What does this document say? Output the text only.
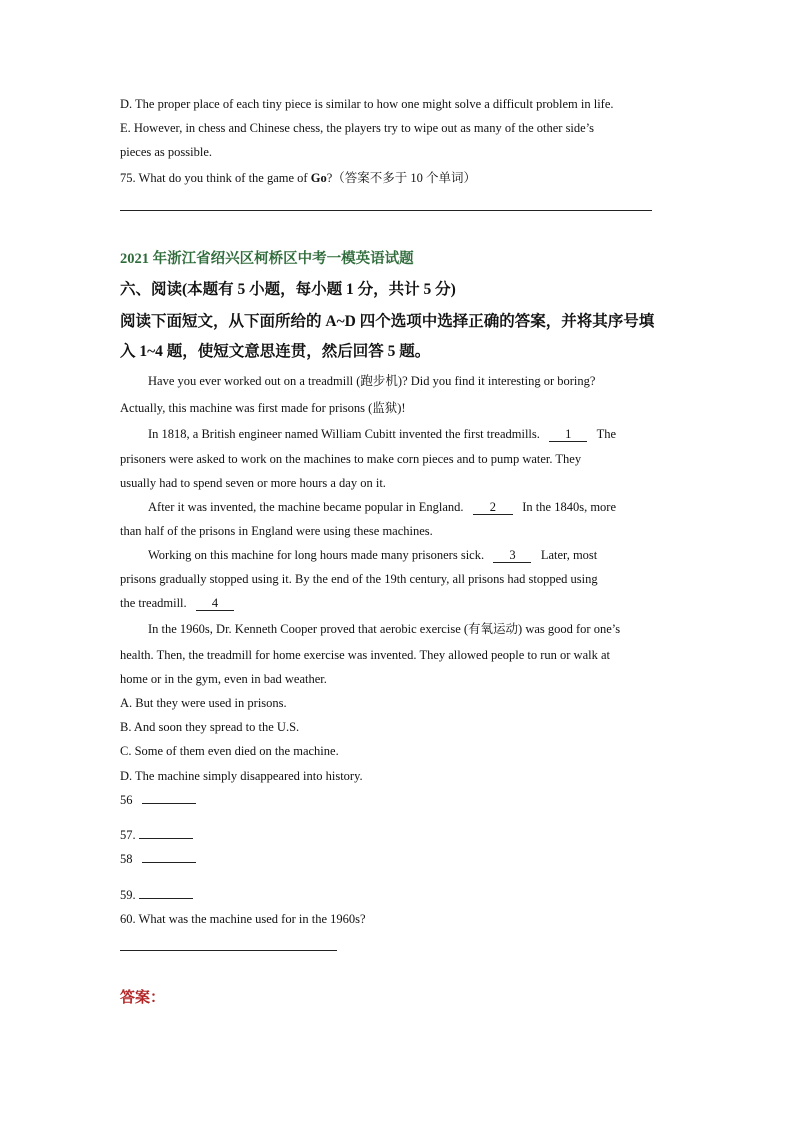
D. The proper place of each tiny piece is similar to how one might solve a difficult problem in life.

E. However, in chess and Chinese chess, the players try to wipe out as many of the other side’s

pieces as possible.

75. What do you think of the game of Go?（答案不多于 10 个单词）

2021 年浙江省绍兴区柯桥区中考一模英语试题

六、阅读(本题有 5 小题，每小题 1 分，共计 5 分)

阅读下面短文，从下面所给的 A~D 四个选项中选择正确的答案，并将其序号填

入 1~4 题，使短文意思连贯，然后回答 5 题。

Have you ever worked out on a treadmill (跑步机)? Did you find it interesting or boring?

Actually, this machine was first made for prisons (监狱)!

In 1818, a British engineer named William Cubitt invented the first treadmills. 1 The

prisoners were asked to work on the machines to make corn pieces and to pump water. They

usually had to spend seven or more hours a day on it.

After it was invented, the machine became popular in England. 2 In the 1840s, more

than half of the prisons in England were using these machines.

Working on this machine for long hours made many prisoners sick. 3 Later, most

prisons gradually stopped using it. By the end of the 19th century, all prisons had stopped using

the treadmill. 4

In the 1960s, Dr. Kenneth Cooper proved that aerobic exercise (有氧运动) was good for one’s

health. Then, the treadmill for home exercise was invented. They allowed people to run or walk at

home or in the gym, even in bad weather.

A. But they were used in prisons.

B. And soon they spread to the U.S.

C. Some of them even died on the machine.

D. The machine simply disappeared into history.

56

57.

58

59.

60. What was the machine used for in the 1960s?

答案：
